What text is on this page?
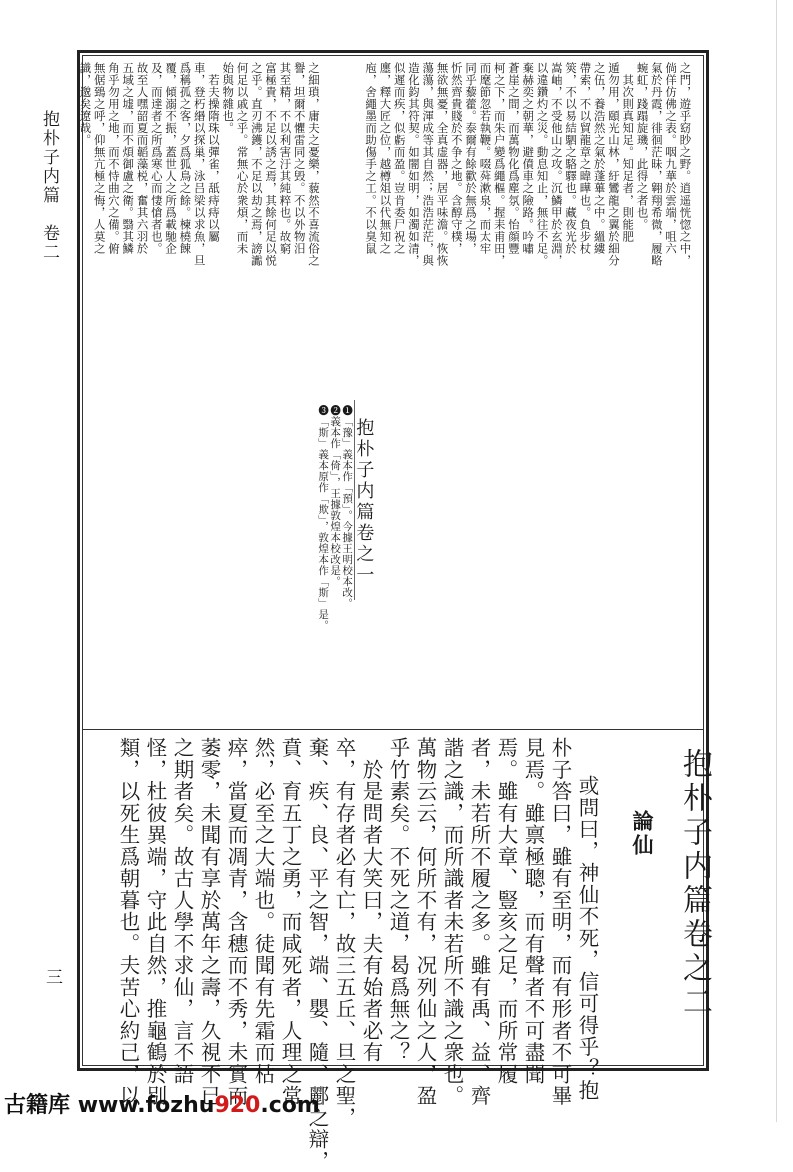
抱朴子内篇　卷二
三
之門，遊乎窈眇之野。逍遥恍惚之中，
倘佯仿佛之表。咽九華於雲端，咀六
氣於丹霞，徘徊茫昧，翱翔希微，履略
蜿虹，踐蹋旋璣，此得之者也。
　其次則真知足。知足者，則能肥
遁勿用，頤光山林，紆鸞龍之翼於細分
之伍，養浩然之氣於蓬蓽之中。縕縷
帶索，不以貿龍章之暐曄也。負步杖
筴，不以易結駟之駱驛也。藏夜光於
嵩岫，不受他山之攻。沉鱗甲於玄淵，
以違鑽灼之災。動息知止，無往不足。
棄赫奕之朝華，避僨車之險路。吟嘯
蒼崖之間，而萬物化爲塵氛。怡顔豐
柯之下，而朱户變爲繩樞。握耒甫田，
而麾節忽若執鞭。啜荈漱泉，而太牢
同乎藜藿。泰爾有餘歡於無爲之場，
忻然齊貴賤於不争之地。含醇守樸，
無欲無憂，全真虚器，居平味澹。恢恢
蕩蕩，與渾成等其自然；浩浩茫茫，與
造化鈞其符契。如闇如明，如濁如清，
似遲而疾，似虧而盈。豈肯委尸祝之
廛，釋大匠之位，越樽俎以代無知之
庖，舍繩墨而助傷手之工。不以臭鼠
之細瑣，庸夫之憂樂，藐然不喜流俗之
譽，坦爾不懼雷同之毁。不以外物汨
其至精，不以利害汙其純粹也。故窮
富極貴，不足以誘之焉，其餘何足以悦
之乎。直刃沸鑊，不足以劫之焉，謗讟
何足以戚之乎。常無心於衆煩，而未
始與物雜也。
　若夫操隋珠以彈雀，舐痔痔以屬
車，登朽緡以探巢，泳吕梁以求魚，旦
爲稱孤之客，夕爲狐鳥之餘。楝橈餗
覆，傾溺不振，蓋世人之所爲載馳企
及，而達者之所爲寒心而悽愴者也。
故至人嘿韶夏而韜藻棁，奮其六羽於
五域之墟，而不煩御盧之衛。翳其鱗
角乎勿用之地，而不恃曲穴之備。俯
無倨鵄之呼，仰無亢極之悔，人莫之
識，邈矣遼哉。
抱朴子内篇卷之一
❶「豫」義本作「預」。今據王明校本改。
❷義本作「倚」，王據敦煌本校改是。
❸「斯」義本原作「欺」，敦煌本作「斯」是。
抱朴子内篇卷之二
論仙
或問曰，神仙不死，信可得乎？抱
朴子答曰，雖有至明，而有形者不可畢
見焉。雖禀極聰，而有聲者不可盡聞
焉。雖有大章、豎亥之足，而所常履
者，未若所不履之多。雖有禹、益、齊
諧之識，而所識者未若所不識之衆也。
萬物云云，何所不有，况列仙之人，盈
乎竹素矣。不死之道，曷爲無之？
　於是問者大笑曰，夫有始者必有
卒，有存者必有亡，故三五丘、旦之聖，
棄、疾、良、平之智，端、嬰、隨、酈之辯，
賁、育五丁之勇，而咸死者，人理之常
然，必至之大端也。徒聞有先霜而枯
瘁，當夏而凋青，含穗而不秀，未實而
萎零，未聞有享於萬年之壽，久視不已
之期者矣。故古人學不求仙，言不語
怪，杜彼異端，守此自然，推龜鶴於別
類，以死生爲朝暮也。夫苦心約己，以
古籍库 www.fozhu920.com
